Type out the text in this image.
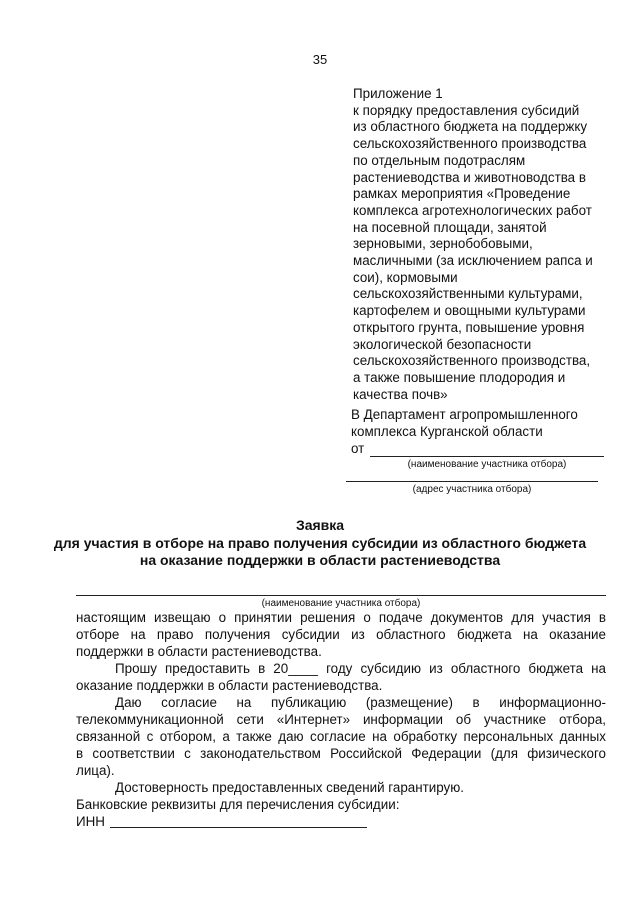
35
Приложение 1
к порядку предоставления субсидий
из областного бюджета на поддержку
сельскохозяйственного производства
по отдельным подотраслям
растениеводства и животноводства в
рамках мероприятия «Проведение
комплекса агротехнологических работ
на посевной площади, занятой
зерновыми, зернобобовыми,
масличными (за исключением рапса и
сои), кормовыми
сельскохозяйственными культурами,
картофелем и овощными культурами
открытого грунта, повышение уровня
экологической безопасности
сельскохозяйственного производства,
а также повышение плодородия и
качества почв»
В Департамент агропромышленного
комплекса Курганской области
от
(наименование участника отбора)
(адрес участника отбора)
Заявка
для участия в отборе на право получения субсидии из областного бюджета
на оказание поддержки в области растениеводства
(наименование участника отбора)
настоящим извещаю о принятии решения о подаче документов для участия в
отборе на право получения субсидии из областного бюджета на оказание
поддержки в области растениеводства.
Прошу предоставить в 20____ году субсидию из областного бюджета на
оказание поддержки в области растениеводства.
Даю согласие на публикацию (размещение) в информационно-
телекоммуникационной сети «Интернет» информации об участнике отбора,
связанной с отбором, а также даю согласие на обработку персональных данных
в соответствии с законодательством Российской Федерации (для физического
лица).
Достоверность предоставленных сведений гарантирую.
Банковские реквизиты для перечисления субсидии:
ИНН
